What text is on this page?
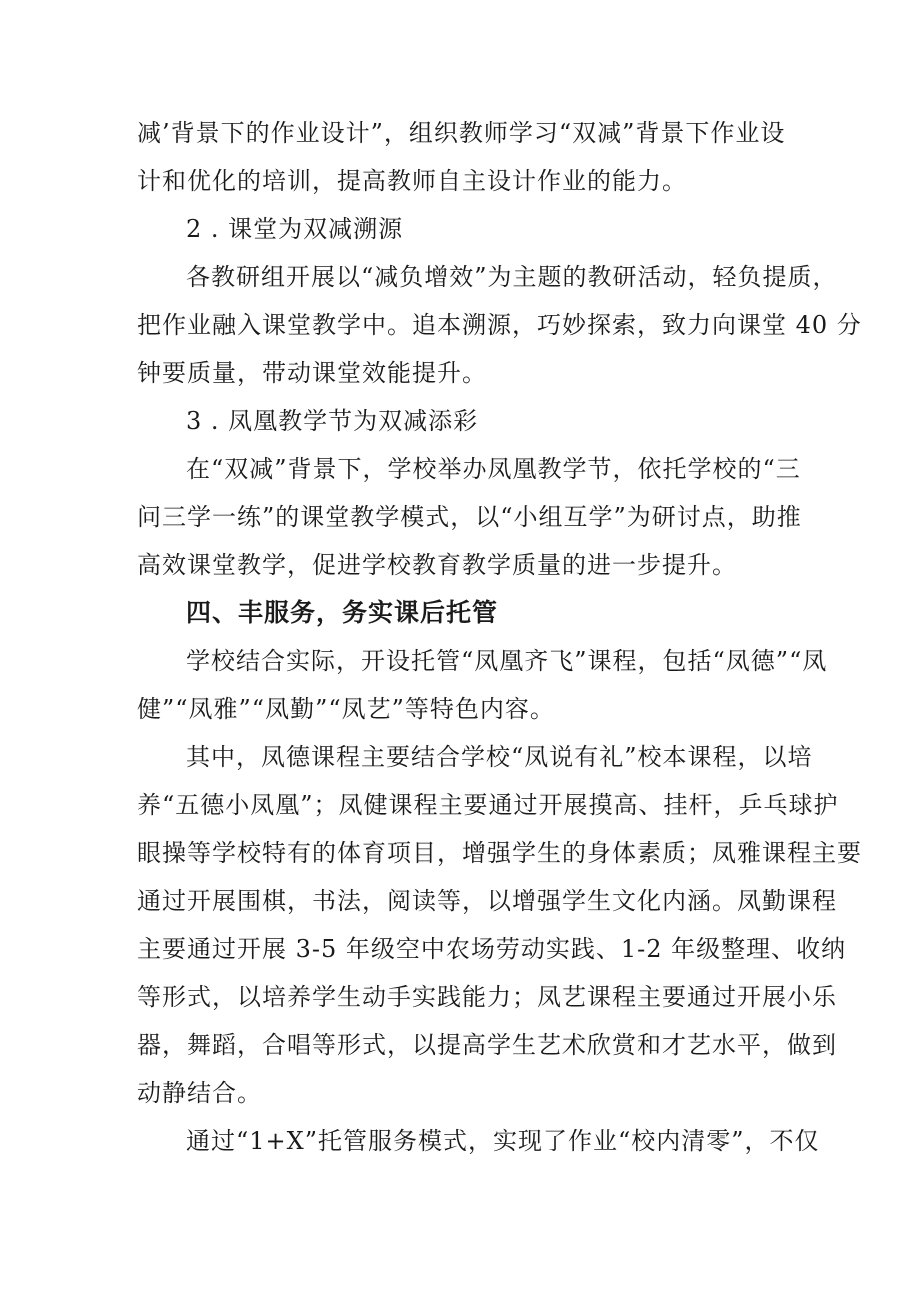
减’背景下的作业设计”，组织教师学习“双减”背景下作业设
计和优化的培训，提高教师自主设计作业的能力。
2 . 课堂为双减溯源
各教研组开展以“减负增效”为主题的教研活动，轻负提质，
把作业融入课堂教学中。追本溯源，巧妙探索，致力向课堂 40 分
钟要质量，带动课堂效能提升。
3 . 凤凰教学节为双减添彩
在“双减”背景下，学校举办凤凰教学节，依托学校的“三
问三学一练”的课堂教学模式，以“小组互学”为研讨点，助推
高效课堂教学，促进学校教育教学质量的进一步提升。
四、丰服务，务实课后托管
学校结合实际，开设托管“凤凰齐飞”课程，包括“凤德”“凤
健”“凤雅”“凤勤”“凤艺”等特色内容。
其中，凤德课程主要结合学校“凤说有礼”校本课程，以培
养“五德小凤凰”；凤健课程主要通过开展摸高、挂杆，乒乓球护
眼操等学校特有的体育项目，增强学生的身体素质；凤雅课程主要
通过开展围棋，书法，阅读等，以增强学生文化内涵。凤勤课程
主要通过开展 3-5 年级空中农场劳动实践、1-2 年级整理、收纳
等形式，以培养学生动手实践能力；凤艺课程主要通过开展小乐
器，舞蹈，合唱等形式，以提高学生艺术欣赏和才艺水平，做到
动静结合。
通过“1+X”托管服务模式，实现了作业“校内清零”，不仅
